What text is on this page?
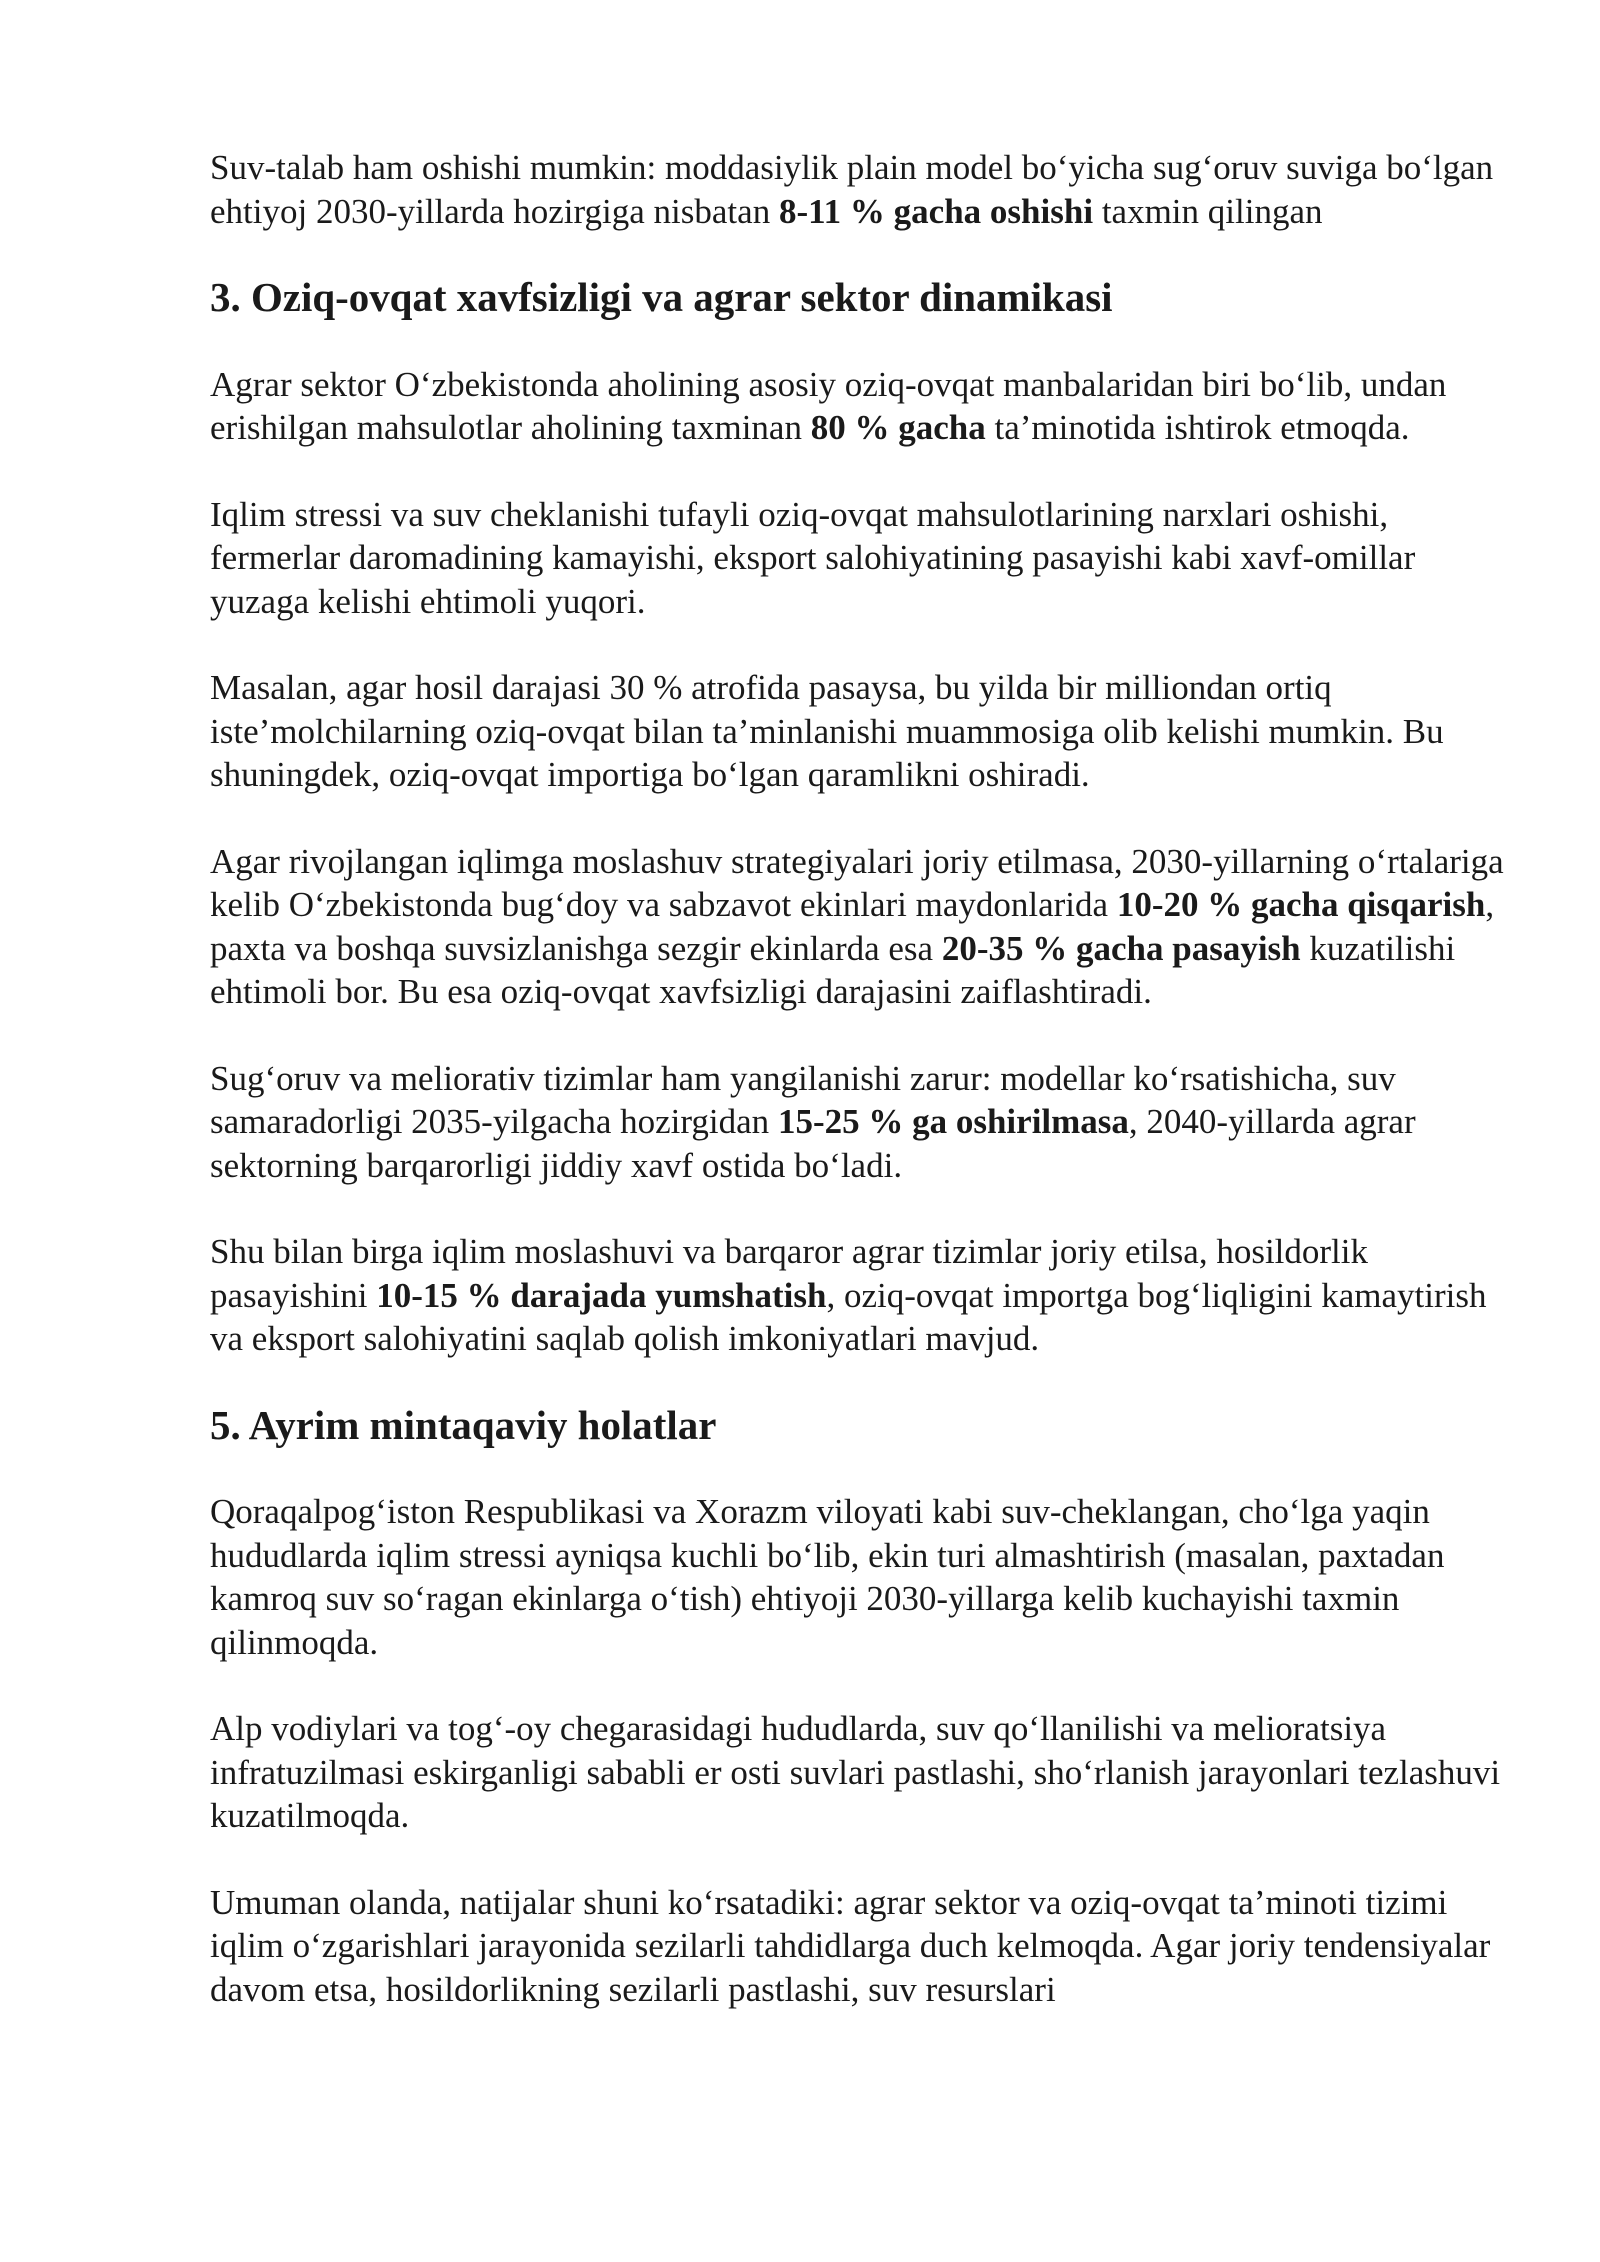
Suv-talab ham oshishi mumkin: moddasiylik plain model bo‘yicha sug‘oruv suviga bo‘lgan ehtiyoj 2030-yillarda hozirgiga nisbatan 8-11 % gacha oshishi taxmin qilingan

3. Oziq-ovqat xavfsizligi va agrar sektor dinamikasi

Agrar sektor O‘zbekistonda aholining asosiy oziq-ovqat manbalaridan biri bo‘lib, undan erishilgan mahsulotlar aholining taxminan 80 % gacha ta’minotida ishtirok etmoqda.

Iqlim stressi va suv cheklanishi tufayli oziq-ovqat mahsulotlarining narxlari oshishi, fermerlar daromadining kamayishi, eksport salohiyatining pasayishi kabi xavf-omillar yuzaga kelishi ehtimoli yuqori.

Masalan, agar hosil darajasi 30 % atrofida pasaysa, bu yilda bir milliondan ortiq iste’molchilarning oziq-ovqat bilan ta’minlanishi muammosiga olib kelishi mumkin. Bu shuningdek, oziq-ovqat importiga bo‘lgan qaramlikni oshiradi.

Agar rivojlangan iqlimga moslashuv strategiyalari joriy etilmasa, 2030-yillarning o‘rtalariga kelib O‘zbekistonda bug‘doy va sabzavot ekinlari maydonlarida 10-20 % gacha qisqarish, paxta va boshqa suvsizlanishga sezgir ekinlarda esa 20-35 % gacha pasayish kuzatilishi ehtimoli bor. Bu esa oziq-ovqat xavfsizligi darajasini zaiflashtiradi.

Sug‘oruv va meliorativ tizimlar ham yangilanishi zarur: modellar ko‘rsatishicha, suv samaradorligi 2035-yilgacha hozirgidan 15-25 % ga oshirilmasa, 2040-yillarda agrar sektorning barqarorligi jiddiy xavf ostida bo‘ladi.

Shu bilan birga iqlim moslashuvi va barqaror agrar tizimlar joriy etilsa, hosildorlik pasayishini 10-15 % darajada yumshatish, oziq-ovqat importga bog‘liqligini kamaytirish va eksport salohiyatini saqlab qolish imkoniyatlari mavjud.

5. Ayrim mintaqaviy holatlar

Qoraqalpog‘iston Respublikasi va Xorazm viloyati kabi suv-cheklangan, cho‘lga yaqin hududlarda iqlim stressi ayniqsa kuchli bo‘lib, ekin turi almashtirish (masalan, paxtadan kamroq suv so‘ragan ekinlarga o‘tish) ehtiyoji 2030-yillarga kelib kuchayishi taxmin qilinmoqda.

Alp vodiylari va tog‘-oy chegarasidagi hududlarda, suv qo‘llanilishi va melioratsiya infratuzilmasi eskirganligi sababli er osti suvlari pastlashi, sho‘rlanish jarayonlari tezlashuvi kuzatilmoqda.

Umuman olanda, natijalar shuni ko‘rsatadiki: agrar sektor va oziq-ovqat ta’minoti tizimi iqlim o‘zgarishlari jarayonida sezilarli tahdidlarga duch kelmoqda. Agar joriy tendensiyalar davom etsa, hosildorlikning sezilarli pastlashi, suv resurslari
